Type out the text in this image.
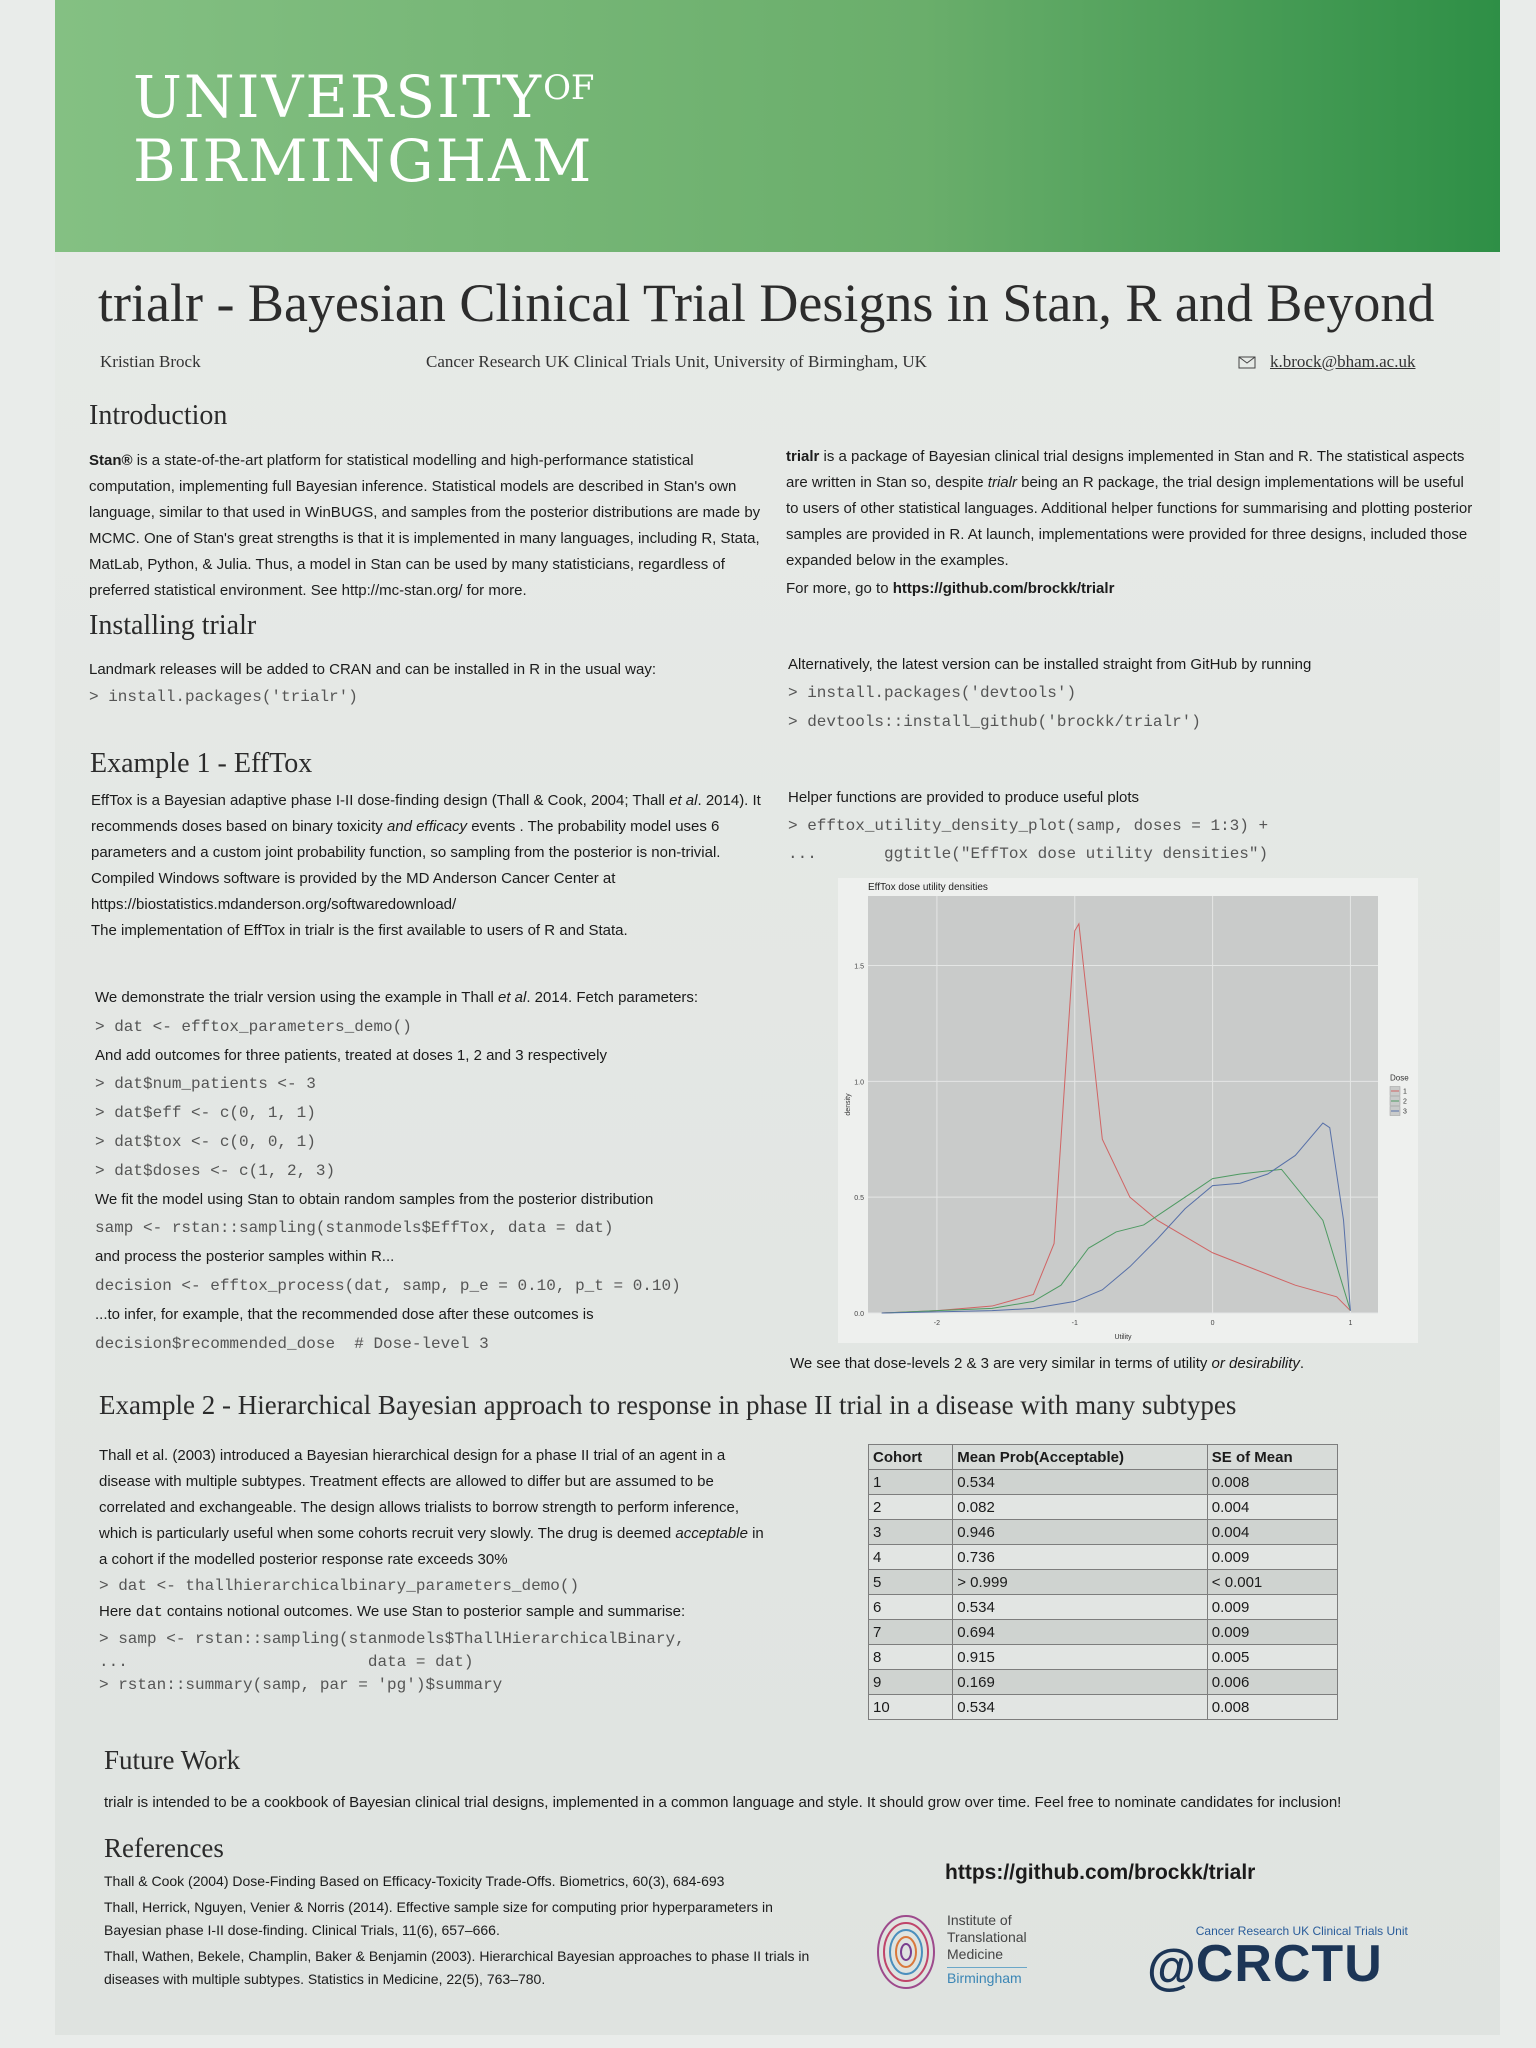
$UNIVERSITY^{OF}$
BIRMINGHAM
trialr - Bayesian Clinical Trial Designs in Stan, R and Beyond
Kristian Brock	Cancer Research UK Clinical Trials Unit, University of Birmingham, UK	k.brock@bham.ac.uk
Introduction
Stan® is a state-of-the-art platform for statistical modelling and high-performance statistical computation, implementing full Bayesian inference. Statistical models are described in Stan's own language, similar to that used in WinBUGS, and samples from the posterior distributions are made by MCMC. One of Stan's great strengths is that it is implemented in many languages, including R, Stata, MatLab, Python, & Julia. Thus, a model in Stan can be used by many statisticians, regardless of preferred statistical environment. See http://mc-stan.org/ for more.
trialr is a package of Bayesian clinical trial designs implemented in Stan and R. The statistical aspects are written in Stan so, despite trialr being an R package, the trial design implementations will be useful to users of other statistical languages. Additional helper functions for summarising and plotting posterior samples are provided in R. At launch, implementations were provided for three designs, included those expanded below in the examples.
For more, go to https://github.com/brockk/trialr
Installing trialr
Landmark releases will be added to CRAN and can be installed in R in the usual way:
> install.packages('trialr')
Alternatively, the latest version can be installed straight from GitHub by running
> install.packages('devtools')
> devtools::install_github('brockk/trialr')
Example 1 - EffTox
EffTox is a Bayesian adaptive phase I-II dose-finding design (Thall & Cook, 2004; Thall et al. 2014). It recommends doses based on binary toxicity and efficacy events . The probability model uses 6 parameters and a custom joint probability function, so sampling from the posterior is non-trivial. Compiled Windows software is provided by the MD Anderson Cancer Center at https://biostatistics.mdanderson.org/softwaredownload/
The implementation of EffTox in trialr is the first available to users of R and Stata.
We demonstrate the trialr version using the example in Thall et al. 2014. Fetch parameters:
> dat <- efftox_parameters_demo()
And add outcomes for three patients, treated at doses 1, 2 and 3 respectively
> dat$num_patients <- 3
> dat$eff <- c(0, 1, 1)
> dat$tox <- c(0, 0, 1)
> dat$doses <- c(1, 2, 3)
We fit the model using Stan to obtain random samples from the posterior distribution
samp <- rstan::sampling(stanmodels$EffTox, data = dat)
and process the posterior samples within R...
decision <- efftox_process(dat, samp, p_e = 0.10, p_t = 0.10)
...to infer, for example, that the recommended dose after these outcomes is
decision$recommended_dose  # Dose-level 3
Helper functions are provided to produce useful plots
> efftox_utility_density_plot(samp, doses = 1:3) +
...	ggtitle("EffTox dose utility densities")
-2	-1	0	1
0.0
0.5
1.0
1.5
EffTox dose utility densities
Utility
density
Dose
1
2
3
We see that dose-levels 2 & 3 are very similar in terms of utility or desirability.
Example 2 - Hierarchical Bayesian approach to response in phase II trial in a disease with many subtypes
Thall et al. (2003) introduced a Bayesian hierarchical design for a phase II trial of an agent in a disease with multiple subtypes. Treatment effects are allowed to differ but are assumed to be correlated and exchangeable. The design allows trialists to borrow strength to perform inference, which is particularly useful when some cohorts recruit very slowly. The drug is deemed acceptable in a cohort if the modelled posterior response rate exceeds 30%
> dat <- thallhierarchicalbinary_parameters_demo()
Here dat contains notional outcomes. We use Stan to posterior sample and summarise:
> samp <- rstan::sampling(stanmodels$ThallHierarchicalBinary,
...	data = dat)
> rstan::summary(samp, par = 'pg')$summary
Cohort	Mean Prob(Acceptable)	SE of Mean
1	0.534	0.008
2	0.082	0.004
3	0.946	0.004
4	0.736	0.009
5	> 0.999	< 0.001
6	0.534	0.009
7	0.694	0.009
8	0.915	0.005
9	0.169	0.006
10	0.534	0.008
Future Work
trialr is intended to be a cookbook of Bayesian clinical trial designs, implemented in a common language and style. It should grow over time. Feel free to nominate candidates for inclusion!
References
Thall & Cook (2004) Dose-Finding Based on Efficacy-Toxicity Trade-Offs. Biometrics, 60(3), 684-693
Thall, Herrick, Nguyen, Venier & Norris (2014). Effective sample size for computing prior hyperparameters in Bayesian phase I-II dose-finding. Clinical Trials, 11(6), 657–666.
Thall, Wathen, Bekele, Champlin, Baker & Benjamin (2003). Hierarchical Bayesian approaches to phase II trials in diseases with multiple subtypes. Statistics in Medicine, 22(5), 763–780.
https://github.com/brockk/trialr
Institute of
Translational
Medicine
Birmingham	@
Cancer Research UK Clinical Trials Unit
CRCTU
